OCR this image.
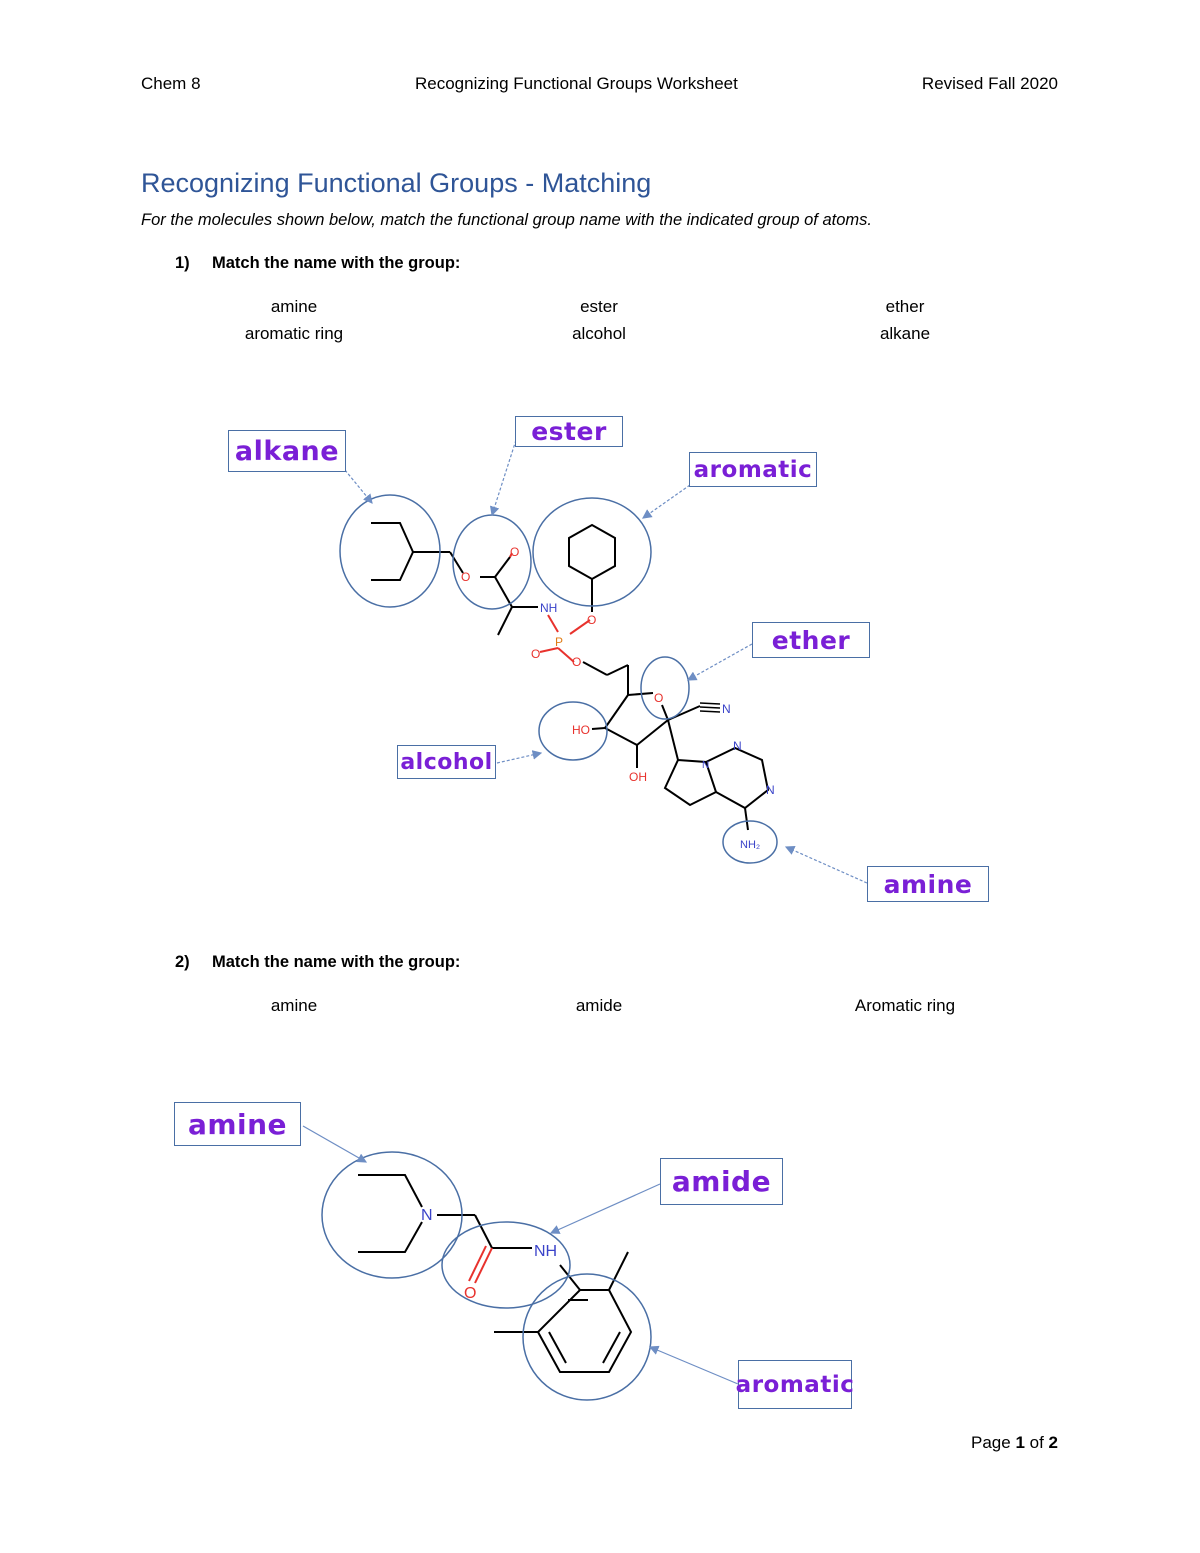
Chem 8	Recognizing Functional Groups Worksheet	Revised Fall 2020
Recognizing Functional Groups - Matching
For the molecules shown below, match the functional group name with the indicated group of atoms.
1) Match the name with the group:
amine	ester	ether
aromatic ring	alcohol	alkane
O
O
NH
P
O
O
O
O
N
HO
OH
N
N
N
NH₂
N
NH
O
alkane
ester
aromatic
ether
alcohol
amine
2) Match the name with the group:
amine	amide	Aromatic ring
amine
amide
aromatic
Page 1 of 2
